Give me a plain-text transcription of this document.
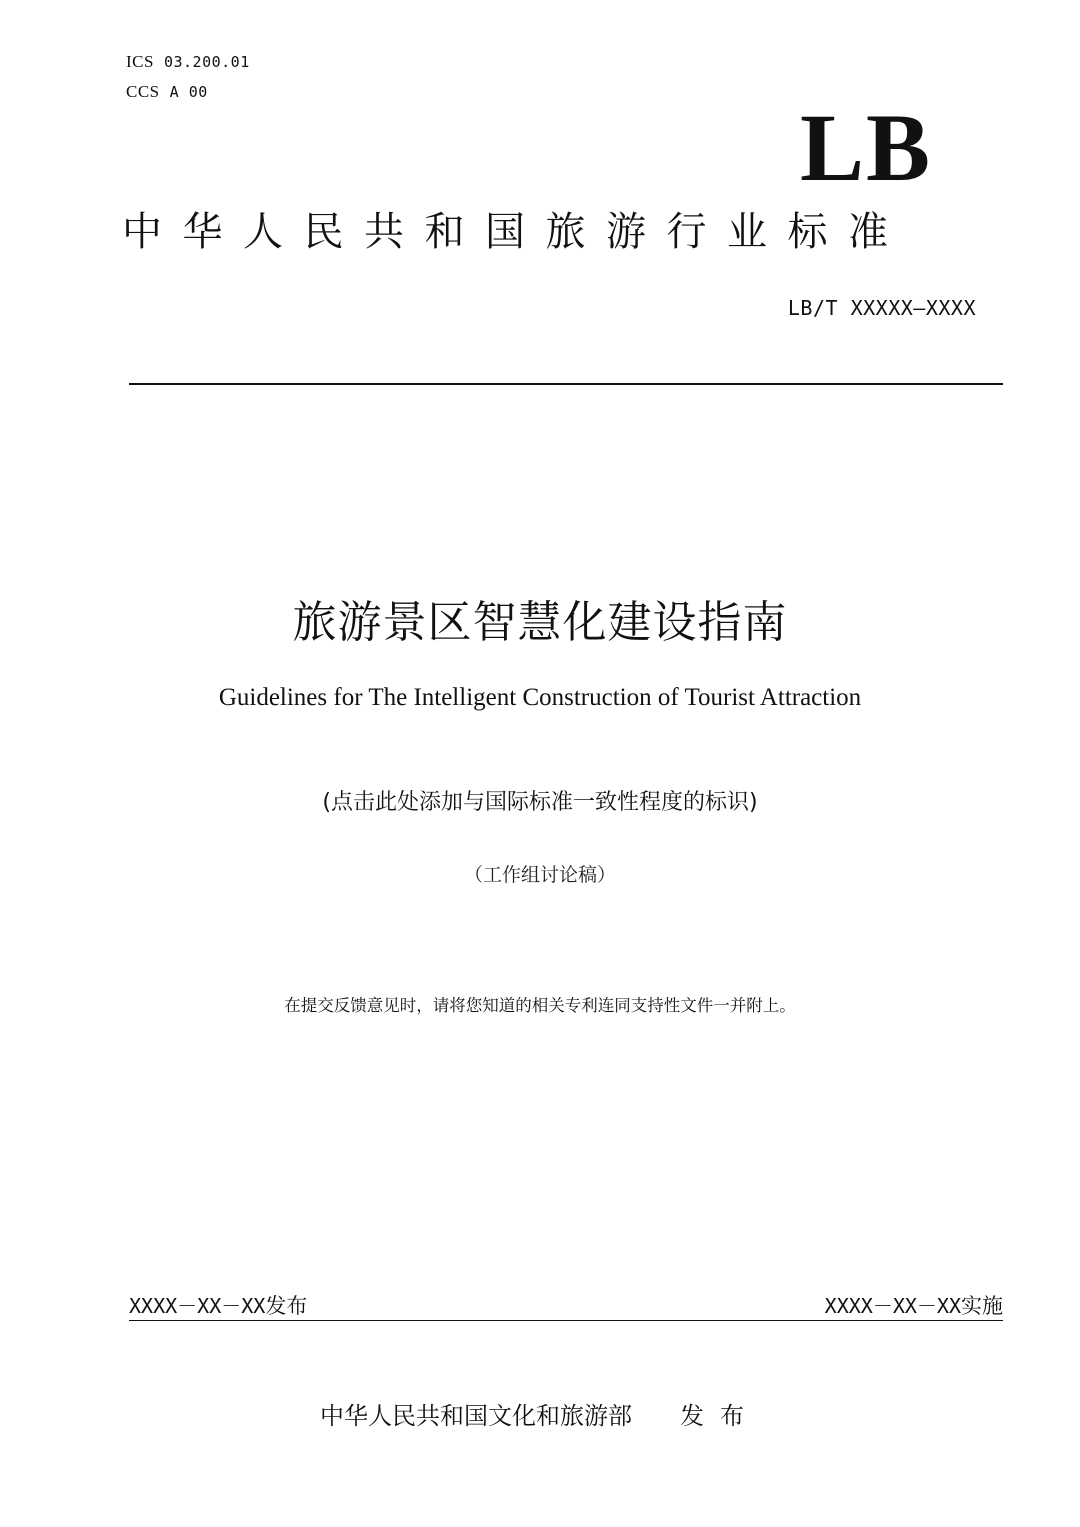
ICS 03.200.01
CCS A 00
LB
中华人民共和国旅游行业标准
LB/T XXXXX—XXXX
旅游景区智慧化建设指南
Guidelines for The Intelligent Construction of Tourist Attraction
(点击此处添加与国际标准一致性程度的标识)
（工作组讨论稿）
在提交反馈意见时，请将您知道的相关专利连同支持性文件一并附上。
XXXX－XX－XX发布	XXXX－XX－XX实施
中华人民共和国文化和旅游部 发布
